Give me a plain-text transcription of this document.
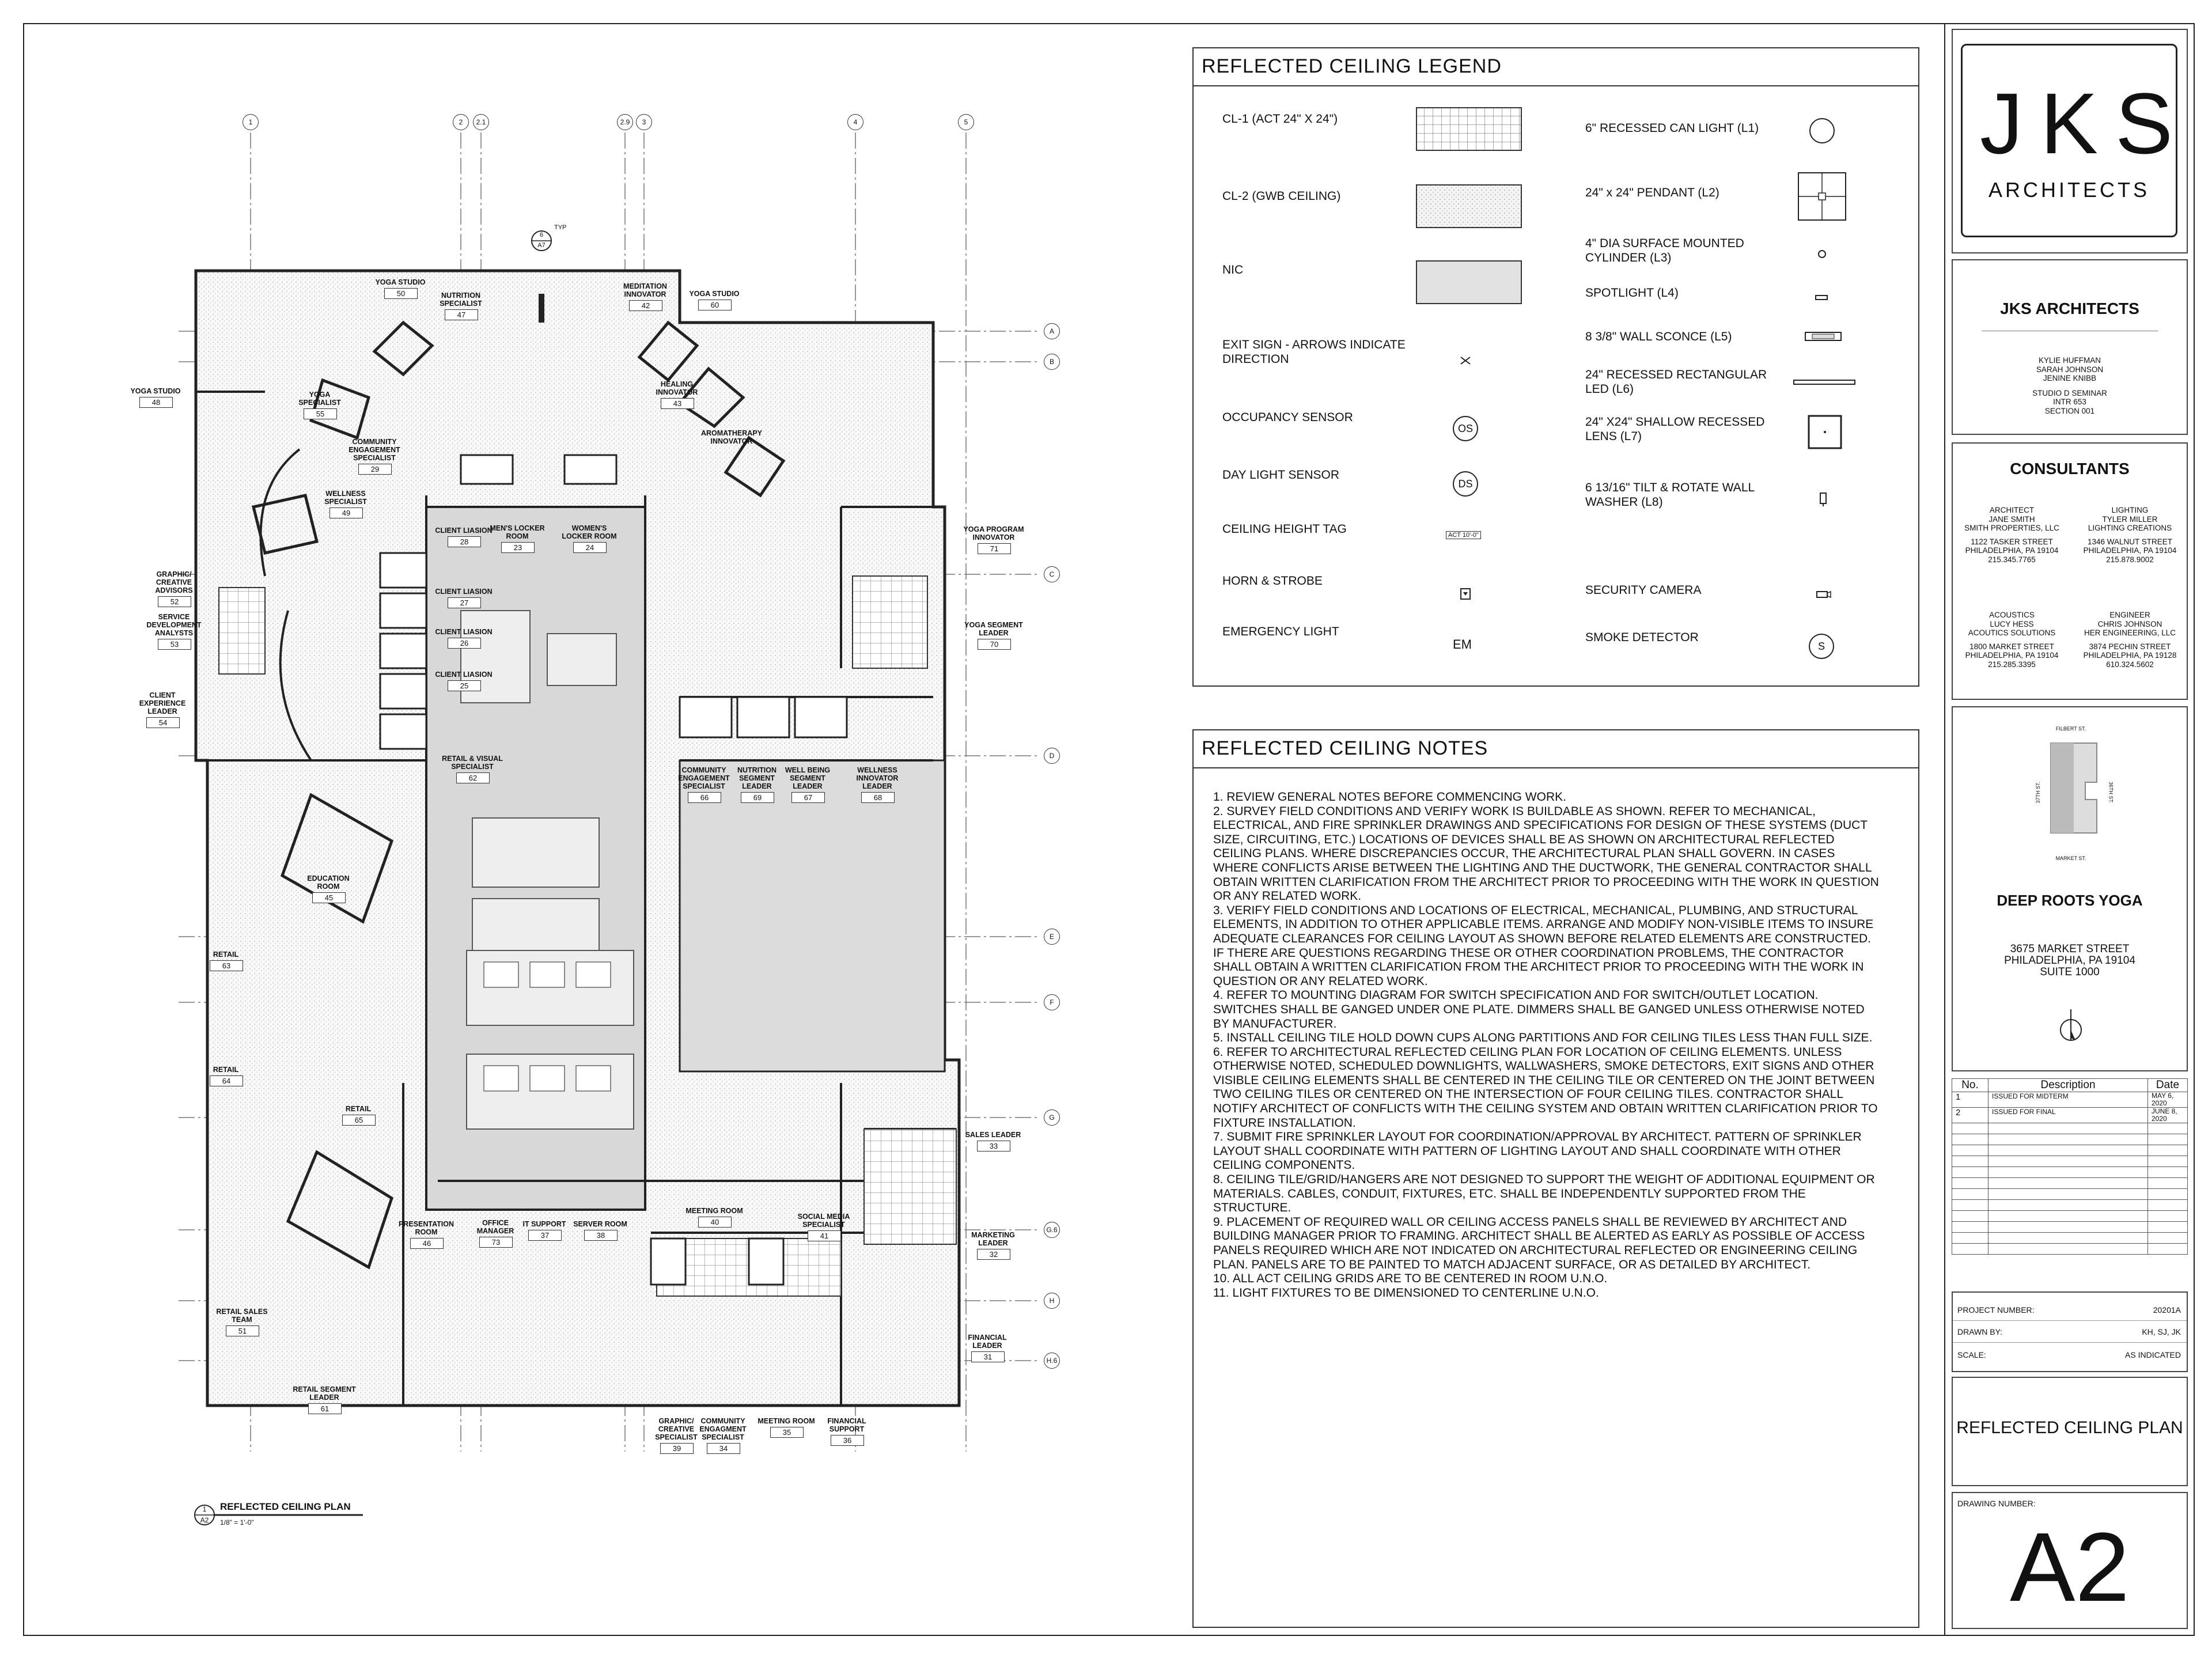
1	2	2.1	2.9	3	4	5
A
B
C
D
E
F
G
G.6
H
H.6
6
A7
TYP
YOGA STUDIO
50	NUTRITION
SPECIALIST
47
MEDITATION
INNOVATOR
42
YOGA STUDIO
60
YOGA STUDIO
48
YOGA
SPECIALIST
55
COMMUNITY
ENGAGEMENT
SPECIALIST
29
HEALING
INNOVATOR
43
AROMATHERAPY
INNOVATOR
WELLNESS
SPECIALIST
49
MEN'S LOCKER
ROOM
23
WOMEN'S
LOCKER ROOM
24
CLIENT LIASION
28
CLIENT LIASION
27
CLIENT LIASION
26
CLIENT LIASION
25
YOGA PROGRAM
INNOVATOR
71
YOGA SEGMENT
LEADER
70
GRAPHIC/
CREATIVE
ADVISORS
52
SERVICE
DEVELOPMENT
ANALYSTS
53
CLIENT
EXPERIENCE
LEADER
54
RETAIL & VISUAL
SPECIALIST
62
COMMUNITY
ENGAGEMENT
SPECIALIST
66
NUTRITION
SEGMENT
LEADER
69
WELL BEING
SEGMENT
LEADER
67
WELLNESS
INNOVATOR
LEADER
68
EDUCATION
ROOM
45
RETAIL
63
RETAIL
64
RETAIL
65
SALES LEADER
33
MEETING ROOM
40
SOCIAL MEDIA
SPECIALIST
41
PRESENTATION
ROOM
46
OFFICE
MANAGER
73
IT SUPPORT
37
SERVER ROOM
38	MARKETING
LEADER
32
RETAIL SALES
TEAM
51
FINANCIAL
LEADER
31
RETAIL SEGMENT
LEADER
61
GRAPHIC/
CREATIVE
SPECIALIST
39
COMMUNITY
ENGAGMENT
SPECIALIST
34
MEETING ROOM
35
FINANCIAL
SUPPORT
36
1
A2
REFLECTED CEILING PLAN
1/8" = 1'-0"
REFLECTED CEILING LEGEND
CL-1 (ACT 24" X 24")
CL-2 (GWB CEILING)
NIC
EXIT SIGN - ARROWS INDICATE DIRECTION
OCCUPANCY SENSOR
DAY LIGHT SENSOR
CEILING HEIGHT TAG
HORN & STROBE
EMERGENCY LIGHT
6" RECESSED CAN LIGHT (L1)
24" x 24" PENDANT (L2)
4" DIA SURFACE MOUNTED CYLINDER (L3)
SPOTLIGHT (L4)
8 3/8" WALL SCONCE (L5)
24" RECESSED RECTANGULAR LED (L6)
24" X24" SHALLOW RECESSED LENS (L7)
6 13/16" TILT & ROTATE WALL WASHER (L8)
SECURITY CAMERA
SMOKE DETECTOR
OS
DS
ACT 10'-0"
EM	S
REFLECTED CEILING NOTES
1. REVIEW GENERAL NOTES BEFORE COMMENCING WORK.
2. SURVEY FIELD CONDITIONS AND VERIFY WORK IS BUILDABLE AS SHOWN. REFER TO MECHANICAL, ELECTRICAL, AND FIRE SPRINKLER DRAWINGS AND SPECIFICATIONS FOR DESIGN OF THESE SYSTEMS (DUCT SIZE, CIRCUITING, ETC.) LOCATIONS OF DEVICES SHALL BE AS SHOWN ON ARCHITECTURAL REFLECTED CEILING PLANS. WHERE DISCREPANCIES OCCUR, THE ARCHITECTURAL PLAN SHALL GOVERN. IN CASES WHERE CONFLICTS ARISE BETWEEN THE LIGHTING AND THE DUCTWORK, THE GENERAL CONTRACTOR SHALL OBTAIN WRITTEN CLARIFICATION FROM THE ARCHITECT PRIOR TO PROCEEDING WITH THE WORK IN QUESTION OR ANY RELATED WORK.
3. VERIFY FIELD CONDITIONS AND LOCATIONS OF ELECTRICAL, MECHANICAL, PLUMBING, AND STRUCTURAL ELEMENTS, IN ADDITION TO OTHER APPLICABLE ITEMS. ARRANGE AND MODIFY NON-VISIBLE ITEMS TO INSURE ADEQUATE CLEARANCES FOR CEILING LAYOUT AS SHOWN BEFORE RELATED ELEMENTS ARE CONSTRUCTED. IF THERE ARE QUESTIONS REGARDING THESE OR OTHER COORDINATION PROBLEMS, THE CONTRACTOR SHALL OBTAIN A WRITTEN CLARIFICATION FROM THE ARCHITECT PRIOR TO PROCEEDING WITH THE WORK IN QUESTION OR ANY RELATED WORK.
4. REFER TO MOUNTING DIAGRAM FOR SWITCH SPECIFICATION AND FOR SWITCH/OUTLET LOCATION. SWITCHES SHALL BE GANGED UNDER ONE PLATE. DIMMERS SHALL BE GANGED UNLESS OTHERWISE NOTED BY MANUFACTURER.
5. INSTALL CEILING TILE HOLD DOWN CUPS ALONG PARTITIONS AND FOR CEILING TILES LESS THAN FULL SIZE.
6. REFER TO ARCHITECTURAL REFLECTED CEILING PLAN FOR LOCATION OF CEILING ELEMENTS. UNLESS OTHERWISE NOTED, SCHEDULED DOWNLIGHTS, WALLWASHERS, SMOKE DETECTORS, EXIT SIGNS AND OTHER VISIBLE CEILING ELEMENTS SHALL BE CENTERED IN THE CEILING TILE OR CENTERED ON THE JOINT BETWEEN TWO CEILING TILES OR CENTERED ON THE INTERSECTION OF FOUR CEILING TILES. CONTRACTOR SHALL NOTIFY ARCHITECT OF CONFLICTS WITH THE CEILING SYSTEM AND OBTAIN WRITTEN CLARIFICATION PRIOR TO FIXTURE INSTALLATION.
7. SUBMIT FIRE SPRINKLER LAYOUT FOR COORDINATION/APPROVAL BY ARCHITECT. PATTERN OF SPRINKLER LAYOUT SHALL COORDINATE WITH PATTERN OF LIGHTING LAYOUT AND SHALL COORDINATE WITH OTHER CEILING COMPONENTS.
8. CEILING TILE/GRID/HANGERS ARE NOT DESIGNED TO SUPPORT THE WEIGHT OF ADDITIONAL EQUIPMENT OR MATERIALS. CABLES, CONDUIT, FIXTURES, ETC. SHALL BE INDEPENDENTLY SUPPORTED FROM THE STRUCTURE.
9. PLACEMENT OF REQUIRED WALL OR CEILING ACCESS PANELS SHALL BE REVIEWED BY ARCHITECT AND BUILDING MANAGER PRIOR TO FRAMING. ARCHITECT SHALL BE ALERTED AS EARLY AS POSSIBLE OF ACCESS PANELS REQUIRED WHICH ARE NOT INDICATED ON ARCHITECTURAL REFLECTED OR ENGINEERING CEILING PLAN. PANELS ARE TO BE PAINTED TO MATCH ADJACENT SURFACE, OR AS DETAILED BY ARCHITECT.
10. ALL ACT CEILING GRIDS ARE TO BE CENTERED IN ROOM U.N.O.
11. LIGHT FIXTURES TO BE DIMENSIONED TO CENTERLINE U.N.O.
JKS
ARCHITECTS
JKS ARCHITECTS
KYLIE HUFFMAN
SARAH JOHNSON
JENINE KNIBB
STUDIO D SEMINAR
INTR 653
SECTION 001
CONSULTANTS
ARCHITECT
JANE SMITH
SMITH PROPERTIES, LLC
1122 TASKER STREET
PHILADELPHIA, PA 19104
215.345.7765
LIGHTING
TYLER MILLER
LIGHTING CREATIONS
1346 WALNUT STREET
PHILADELPHIA, PA 19104
215.878.9002
ACOUSTICS
LUCY HESS
ACOUTICS SOLUTIONS
1800 MARKET STREET
PHILADELPHIA, PA 19104
215.285.3395
ENGINEER
CHRIS JOHNSON
HER ENGINEERING, LLC
3874 PECHIN STREET
PHILADELPHIA, PA 19128
610.324.5602
FILBERT ST.
MARKET ST.
37TH ST.	36TH ST.
DEEP ROOTS YOGA
3675 MARKET STREET
PHILADELPHIA, PA 19104
SUITE 1000
No.	Description	Date
1	ISSUED FOR MIDTERM	MAY 6, 2020
2	ISSUED FOR FINAL	JUNE 8, 2020

PROJECT NUMBER:	20201A
DRAWN BY:	KH, SJ, JK
SCALE:	AS INDICATED
REFLECTED CEILING PLAN
DRAWING NUMBER:
A2
